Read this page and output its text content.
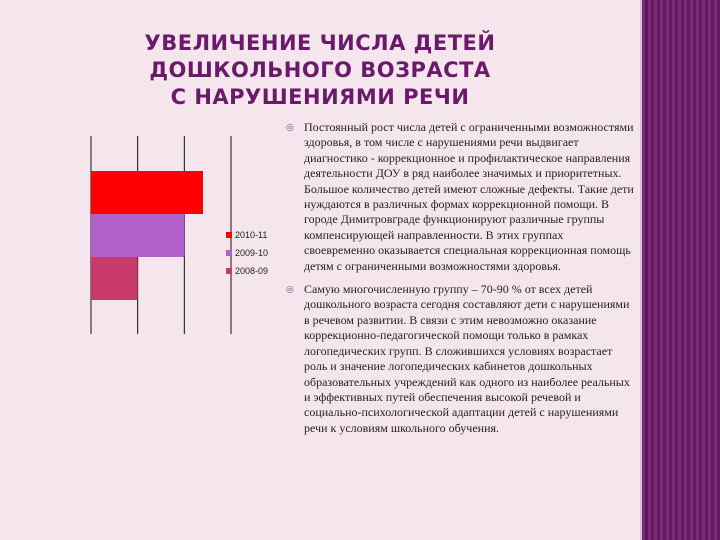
УВЕЛИЧЕНИЕ ЧИСЛА ДЕТЕЙ
ДОШКОЛЬНОГО ВОЗРАСТА
С НАРУШЕНИЯМИ РЕЧИ
2010-11
2009-10
2008-09
◎ Постоянный рост числа детей с ограниченными возможностями здоровья, в том числе с нарушениями речи выдвигает диагностико - коррекционное и профилактическое направления деятельности ДОУ в ряд наиболее значимых и приоритетных. Большое количество детей имеют сложные дефекты. Такие дети нуждаются в различных формах коррекционной помощи. В городе Димитровграде функционируют различные группы компенсирующей направленности. В этих группах своевременно оказывается специальная коррекционная помощь детям с ограниченными возможностями здоровья.
◎ Самую многочисленную группу – 70-90 % от всех детей дошкольного возраста сегодня составляют дети с нарушениями в речевом развитии. В связи с этим невозможно оказание коррекционно-педагогической помощи только в рамках логопедических групп. В сложившихся условиях возрастает роль и значение логопедических кабинетов дошкольных образовательных учреждений как одного из наиболее реальных и эффективных путей обеспечения высокой речевой и социально-психологической адаптации детей с нарушениями речи к условиям школьного обучения.
